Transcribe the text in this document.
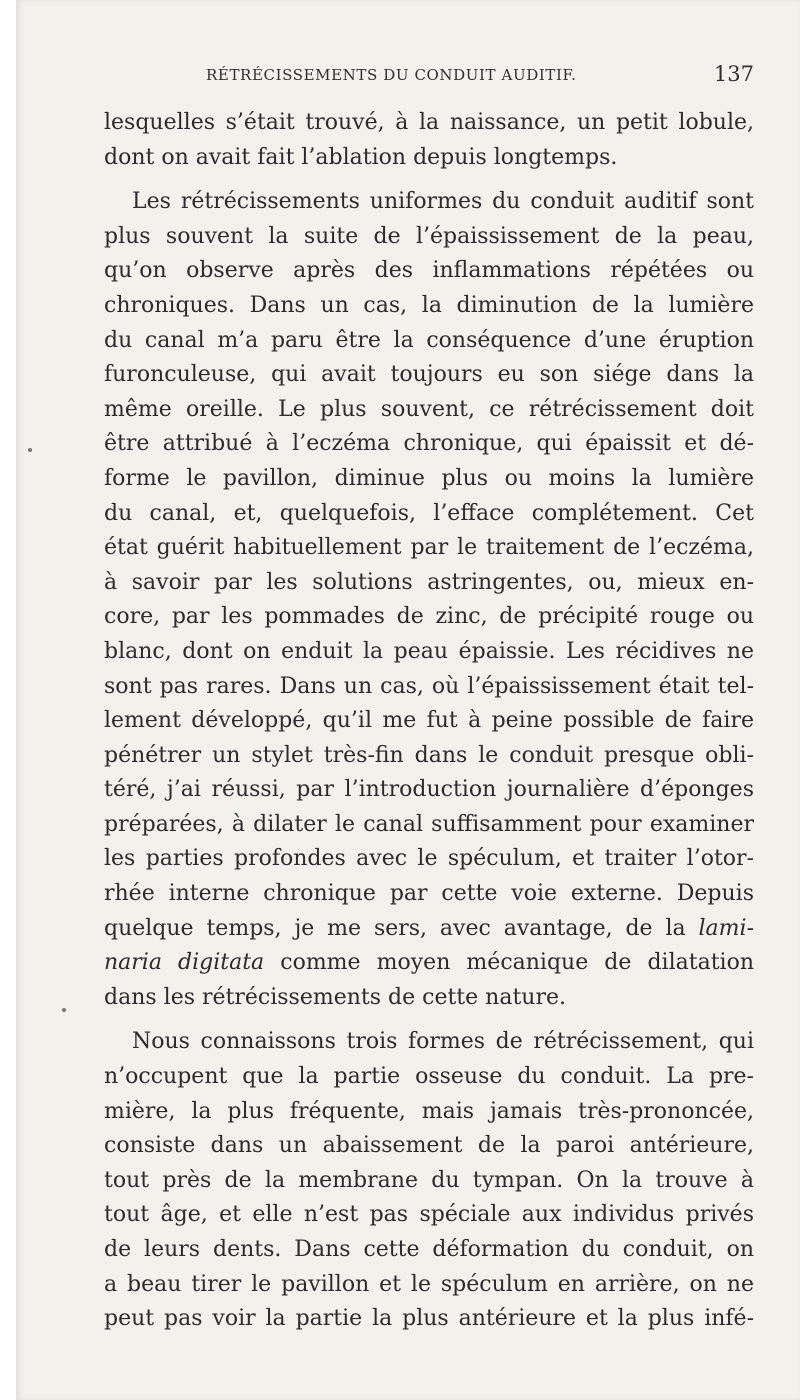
RÉTRÉCISSEMENTS DU CONDUIT AUDITIF.	137
lesquelles s’était trouvé, à la naissance, un petit lobule,
dont on avait fait l’ablation depuis longtemps.
Les rétrécissements uniformes du conduit auditif sont
plus souvent la suite de l’épaississement de la peau,
qu’on observe après des inflammations répétées ou
chroniques. Dans un cas, la diminution de la lumière
du canal m’a paru être la conséquence d’une éruption
furonculeuse, qui avait toujours eu son siége dans la
même oreille. Le plus souvent, ce rétrécissement doit
être attribué à l’eczéma chronique, qui épaissit et dé-
forme le pavillon, diminue plus ou moins la lumière
du canal, et, quelquefois, l’efface complétement. Cet
état guérit habituellement par le traitement de l’eczéma,
à savoir par les solutions astringentes, ou, mieux en-
core, par les pommades de zinc, de précipité rouge ou
blanc, dont on enduit la peau épaissie. Les récidives ne
sont pas rares. Dans un cas, où l’épaississement était tel-
lement développé, qu’il me fut à peine possible de faire
pénétrer un stylet très-fin dans le conduit presque obli-
téré, j’ai réussi, par l’introduction journalière d’éponges
préparées, à dilater le canal suffisamment pour examiner
les parties profondes avec le spéculum, et traiter l’otor-
rhée interne chronique par cette voie externe. Depuis
quelque temps, je me sers, avec avantage, de la lami-
naria digitata comme moyen mécanique de dilatation
dans les rétrécissements de cette nature.
Nous connaissons trois formes de rétrécissement, qui
n’occupent que la partie osseuse du conduit. La pre-
mière, la plus fréquente, mais jamais très-prononcée,
consiste dans un abaissement de la paroi antérieure,
tout près de la membrane du tympan. On la trouve à
tout âge, et elle n’est pas spéciale aux individus privés
de leurs dents. Dans cette déformation du conduit, on
a beau tirer le pavillon et le spéculum en arrière, on ne
peut pas voir la partie la plus antérieure et la plus infé-
